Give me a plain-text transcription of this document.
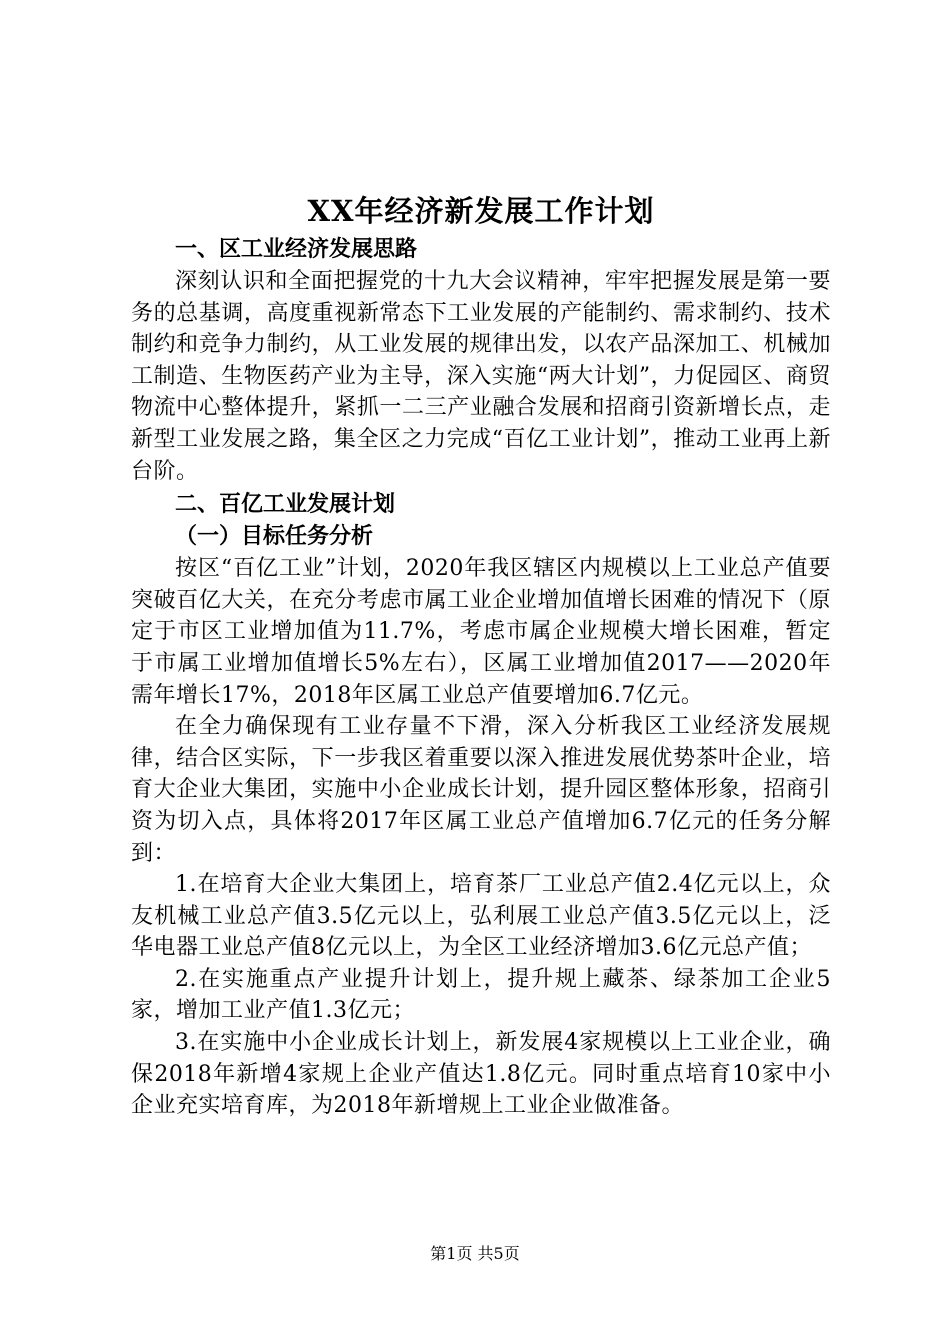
XX年经济新发展工作计划
一、区工业经济发展思路

深刻认识和全面把握党的十九大会议精神，牢牢把握发展是第一要务的总基调，高度重视新常态下工业发展的产能制约、需求制约、技术制约和竞争力制约，从工业发展的规律出发，以农产品深加工、机械加工制造、生物医药产业为主导，深入实施“两大计划”，力促园区、商贸物流中心整体提升，紧抓一二三产业融合发展和招商引资新增长点，走新型工业发展之路，集全区之力完成“百亿工业计划”，推动工业再上新台阶。

二、百亿工业发展计划
（一）目标任务分析

按区“百亿工业”计划，2020年我区辖区内规模以上工业总产值要突破百亿大关，在充分考虑市属工业企业增加值增长困难的情况下（原定于市区工业增加值为11.7%，考虑市属企业规模大增长困难，暂定于市属工业增加值增长5%左右），区属工业增加值2017——2020年需年增长17%，2018年区属工业总产值要增加6.7亿元。

在全力确保现有工业存量不下滑，深入分析我区工业经济发展规律，结合区实际，下一步我区着重要以深入推进发展优势茶叶企业，培育大企业大集团，实施中小企业成长计划，提升园区整体形象，招商引资为切入点，具体将2017年区属工业总产值增加6.7亿元的任务分解到：

1.在培育大企业大集团上，培育茶厂工业总产值2.4亿元以上，众友机械工业总产值3.5亿元以上，弘利展工业总产值3.5亿元以上，泛华电器工业总产值8亿元以上，为全区工业经济增加3.6亿元总产值；

2.在实施重点产业提升计划上，提升规上藏茶、绿茶加工企业5家，增加工业产值1.3亿元；

3.在实施中小企业成长计划上，新发展4家规模以上工业企业，确保2018年新增4家规上企业产值达1.8亿元。同时重点培育10家中小企业充实培育库，为2018年新增规上工业企业做准备。

第1页 共5页
